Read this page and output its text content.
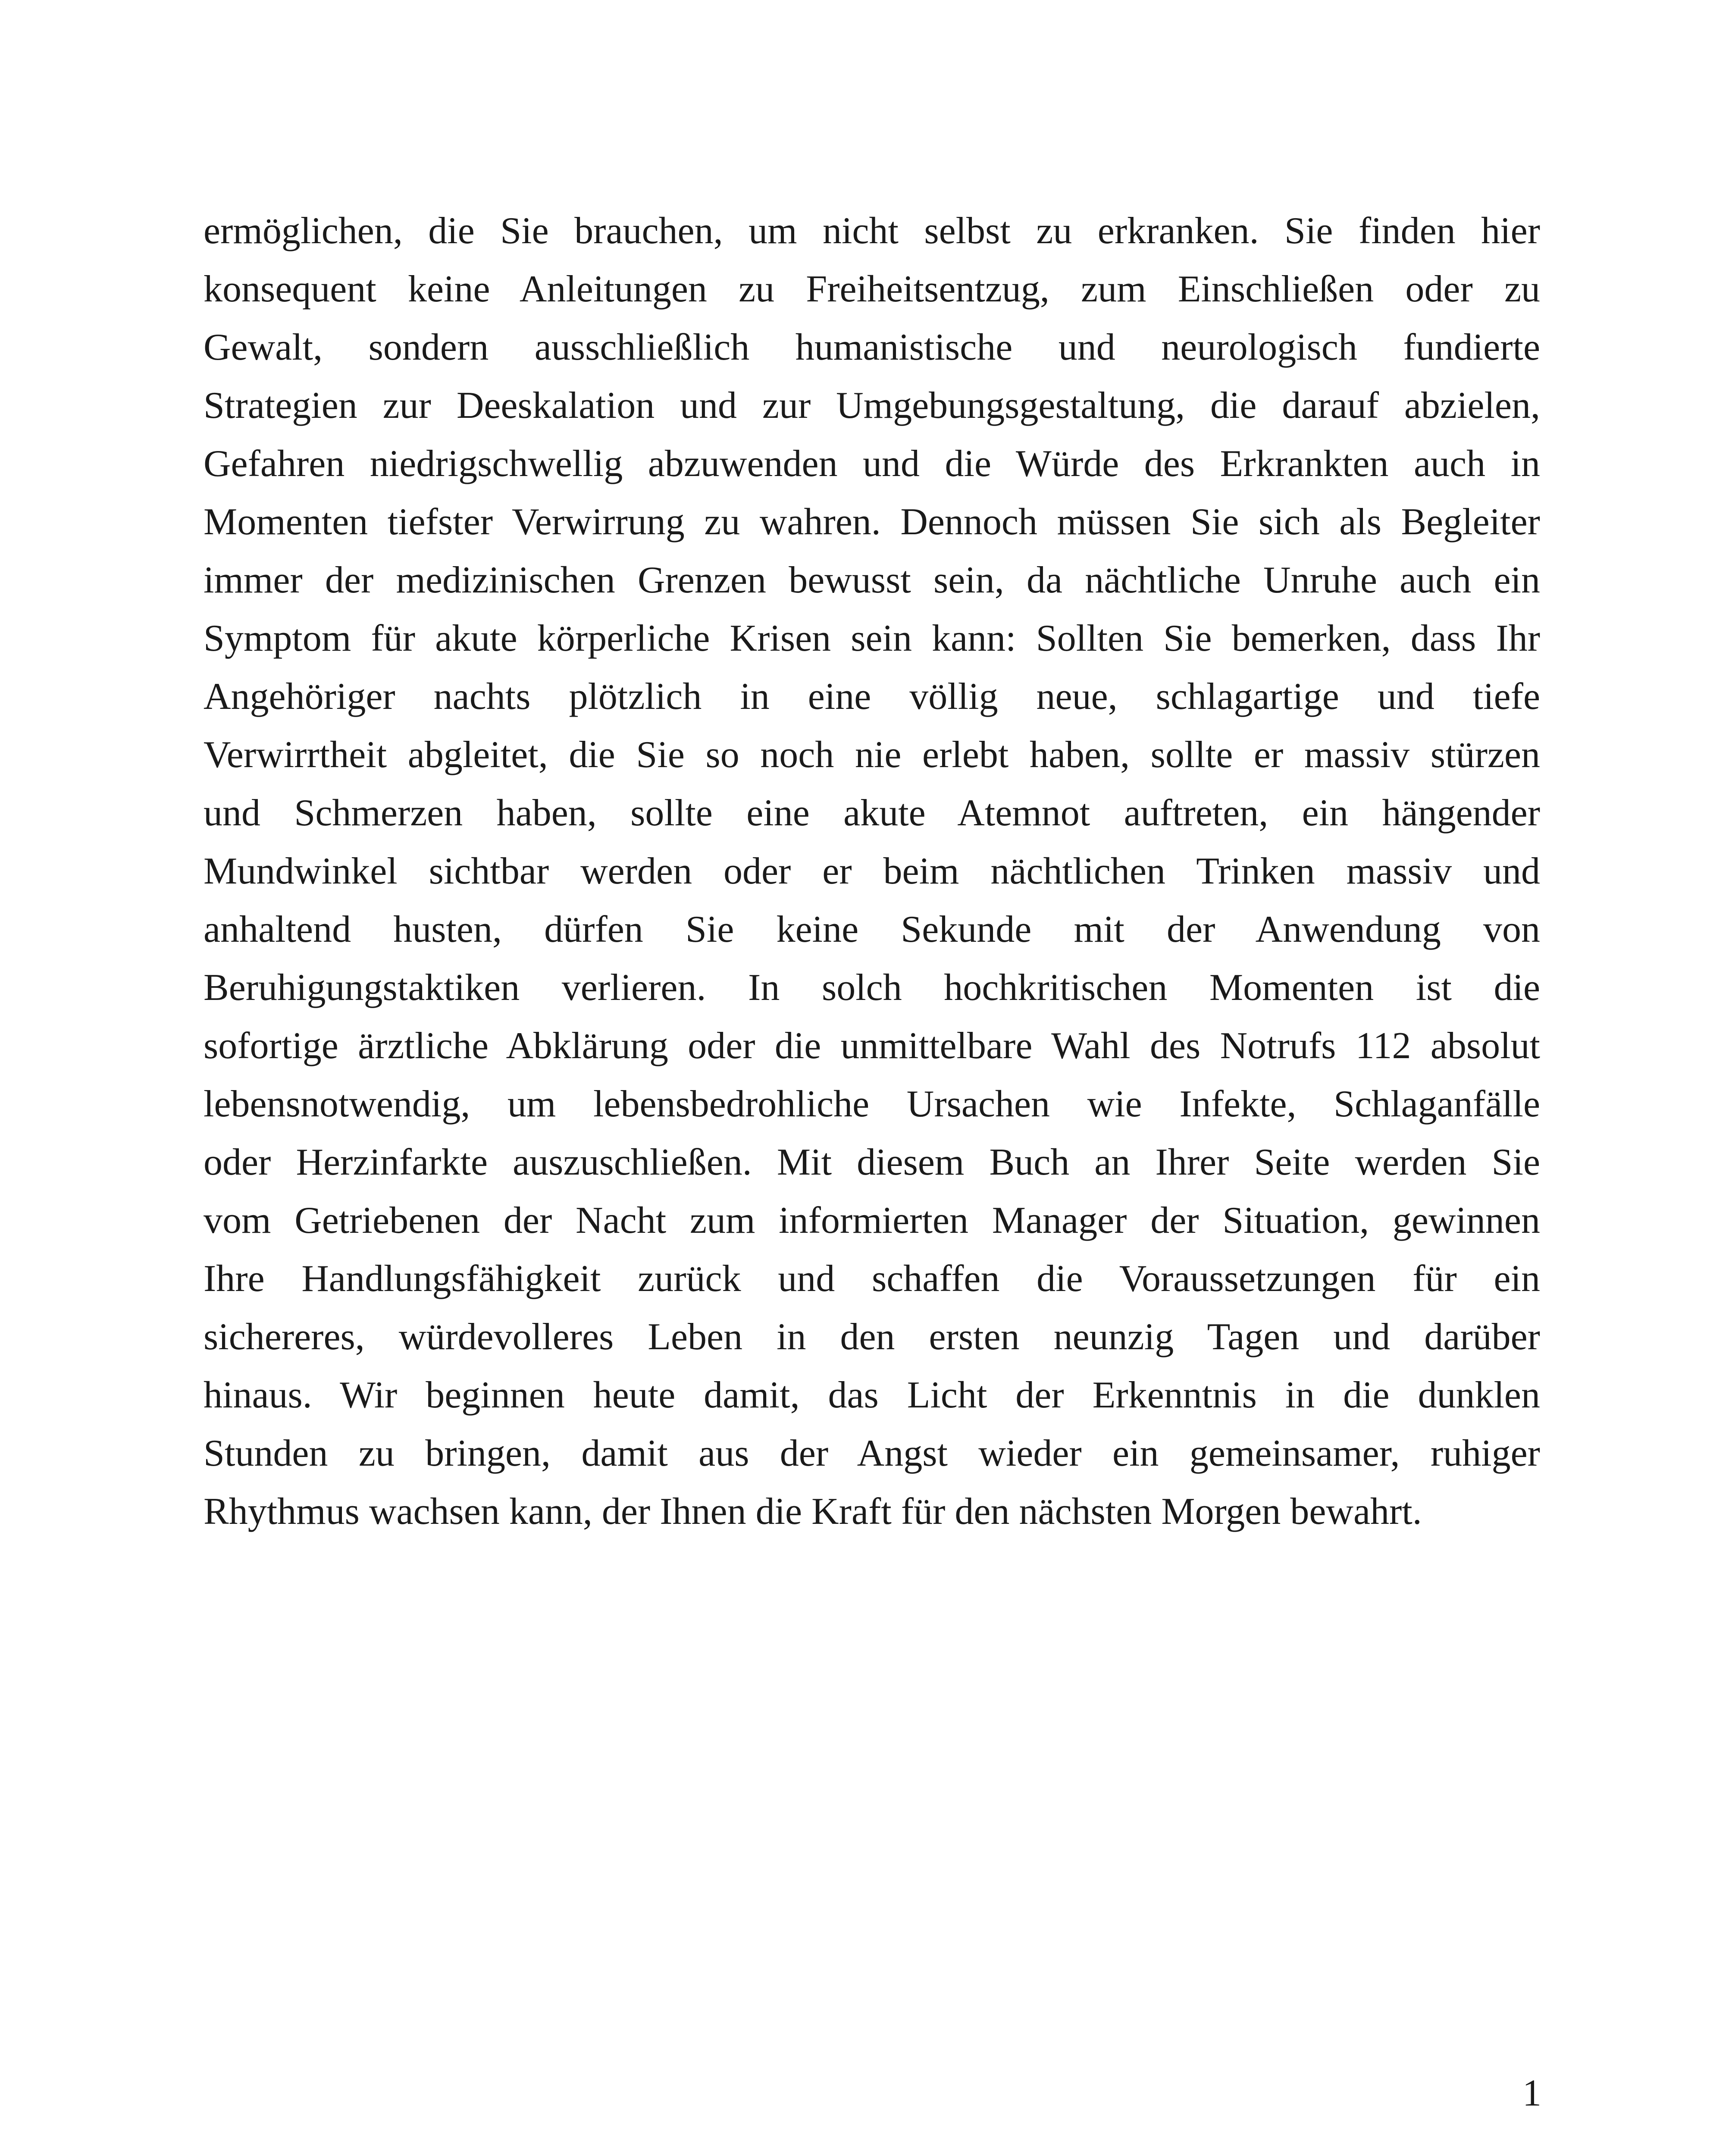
ermöglichen, die Sie brauchen, um nicht selbst zu erkranken. Sie finden hier
konsequent keine Anleitungen zu Freiheitsentzug, zum Einschließen oder zu
Gewalt, sondern ausschließlich humanistische und neurologisch fundierte
Strategien zur Deeskalation und zur Umgebungsgestaltung, die darauf abzielen,
Gefahren niedrigschwellig abzuwenden und die Würde des Erkrankten auch in
Momenten tiefster Verwirrung zu wahren. Dennoch müssen Sie sich als Begleiter
immer der medizinischen Grenzen bewusst sein, da nächtliche Unruhe auch ein
Symptom für akute körperliche Krisen sein kann: Sollten Sie bemerken, dass Ihr
Angehöriger nachts plötzlich in eine völlig neue, schlagartige und tiefe
Verwirrtheit abgleitet, die Sie so noch nie erlebt haben, sollte er massiv stürzen
und Schmerzen haben, sollte eine akute Atemnot auftreten, ein hängender
Mundwinkel sichtbar werden oder er beim nächtlichen Trinken massiv und
anhaltend husten, dürfen Sie keine Sekunde mit der Anwendung von
Beruhigungstaktiken verlieren. In solch hochkritischen Momenten ist die
sofortige ärztliche Abklärung oder die unmittelbare Wahl des Notrufs 112 absolut
lebensnotwendig, um lebensbedrohliche Ursachen wie Infekte, Schlaganfälle
oder Herzinfarkte auszuschließen. Mit diesem Buch an Ihrer Seite werden Sie
vom Getriebenen der Nacht zum informierten Manager der Situation, gewinnen
Ihre Handlungsfähigkeit zurück und schaffen die Voraussetzungen für ein
sichereres, würdevolleres Leben in den ersten neunzig Tagen und darüber
hinaus. Wir beginnen heute damit, das Licht der Erkenntnis in die dunklen
Stunden zu bringen, damit aus der Angst wieder ein gemeinsamer, ruhiger
Rhythmus wachsen kann, der Ihnen die Kraft für den nächsten Morgen bewahrt.
1
